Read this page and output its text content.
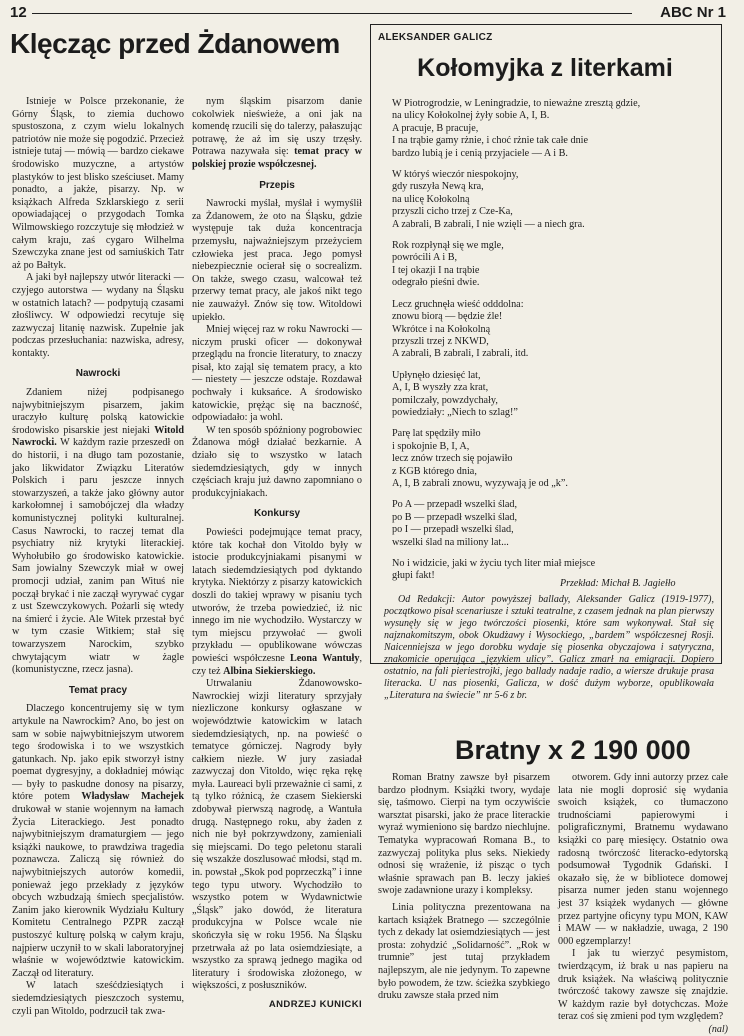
12	ABC Nr 1
Klęcząc przed Żdanowem

Istnieje w Polsce przekonanie, że Górny Śląsk, to ziemia duchowo spustoszona, z czym wielu lokalnych patriotów nie może się pogodzić. Przecież istnieje tutaj — mówią — bardzo ciekawe środowisko muzyczne, a artystów plastyków to jest blisko sześciuset. Mamy ponadto, a jakże, pisarzy. Np. w książkach Alfreda Szklarskiego z serii opowiadającej o przygodach Tomka Wilmowskiego rozczytuje się młodzież w całym kraju, zaś cygaro Wilhelma Szewczyka znane jest od samiuśkich Tatr aż po Bałtyk.

A jaki był najlepszy utwór literacki — czyjego autorstwa — wydany na Śląsku w ostatnich latach? — podpytują czasami złośliwcy. W odpowiedzi recytuje się zazwyczaj litanię nazwisk. Zupełnie jak podczas przesłuchania: nazwiska, adresy, kontakty.

Nawrocki

Zdaniem niżej podpisanego najwybitniejszym pisarzem, jakim uraczyło kulturę polską katowickie środowisko pisarskie jest niejaki Witold Nawrocki. W każdym razie przeszedł on do historii, i na długo tam pozostanie, jako likwidator Związku Literatów Polskich i paru jeszcze innych stowarzyszeń, a także jako główny autor karkołomnej i samobójczej dla władzy komunistycznej polityki kulturalnej. Casus Nawrocki, to raczej temat dla psychiatry niż krytyki literackiej. Wyhołubiło go środowisko katowickie. Sam jowialny Szewczyk miał w owej promocji udział, zanim pan Wituś nie począł brykać i nie zaczął wyrywać cygar z ust Szewczykowych. Pożarli się wtedy na śmierć i życie. Ale Witek przestał być w tym czasie Witkiem; stał się towarzyszem Narockim, szybko chwytającym wiatr w żagle (komunistyczne, rzecz jasna).

Temat pracy

Dlaczego koncentrujemy się w tym artykule na Nawrockim? Ano, bo jest on sam w sobie najwybitniejszym utworem tego środowiska i to we wszystkich gatunkach. Np. jako epik stworzył istny poemat dygresyjny, a dokładniej mówiąc — były to paskudne donosy na pisarzy, które potem Władysław Machejek drukował w stanie wojennym na łamach Życia Literackiego. Jest ponadto najwybitniejszym dramaturgiem — jego książki naukowe, to prawdziwa tragedia poznawcza. Zaliczą się również do najwybitniejszych autorów komedii, ponieważ jego przekłady z języków obcych wzbudzają śmiech specjalistów. Zanim jako kierownik Wydziału Kultury Komitetu Centralnego PZPR zaczął pustoszyć kulturę polską w całym kraju, najpierw uczynił to w skali laboratoryjnej właśnie w województwie katowickim. Zaczął od literatury.

W latach sześćdziesiątych i siedemdziesiątych pieszczoch systemu, czyli pan Witoldo, podrzucił tak zwa-

nym śląskim pisarzom danie cokolwiek nieświeże, a oni jak na komendę rzucili się do talerzy, pałaszując potrawę, że aż im się uszy trzęsły. Potrawa nazywała się: temat pracy w polskiej prozie współczesnej.

Przepis

Nawrocki myślał, myślał i wymyślił za Żdanowem, że oto na Śląsku, gdzie występuje tak duża koncentracja przemysłu, najważniejszym przeżyciem człowieka jest praca. Jego pomysł niebezpiecznie ocierał się o socrealizm. On także, swego czasu, walcował też przerwy temat pracy, ale jakoś nikt tego nie zauważył. Znów się tow. Witoldowi upiekło.

Mniej więcej raz w roku Nawrocki — niczym pruski oficer — dokonywał przeglądu na froncie literatury, to znaczy pisał, kto zająl się tematem pracy, a kto — niestety — jeszcze odstaje. Rozdawał pochwały i kuksańce. A środowisko katowickie, prężąc się na baczność, odpowiadało: ja wohl.

W ten sposób spóźniony pogrobowiec Żdanowa mógł działać bezkarnie. A działo się to wszystko w latach siedemdziesiątych, gdy w innych częściach kraju już dawno zapomniano o produkcyjniakach.

Konkursy

Powieści podejmujące temat pracy, które tak kochał don Vitoldo były w istocie produkcyjniakami pisanymi w latach siedemdziesiątych pod dyktando krytyka. Niektórzy z pisarzy katowickich doszli do takiej wprawy w pisaniu tych utworów, że trzeba powiedzieć, iż nic innego im nie wychodziło. Wystarczy w tym miejscu przywołać — gwoli przykładu — opublikowane wówczas powieści współczesne Leona Wantuły, czy też Albina Siekierskiego.

Utrwalaniu Żdanowowsko-Nawrockiej wizji literatury sprzyjały niezliczone konkursy ogłaszane w województwie katowickim w latach siedemdziesiątych, np. na powieść o tematyce górniczej. Nagrody były całkiem niezłe. W jury zasiadał zazwyczaj don Vitoldo, więc ręka rękę myła. Laureaci byli przeważnie ci sami, z tą tylko różnicą, że czasem Siekierski zdobywał pierwszą nagrodę, a Wantuła drugą. Następnego roku, aby żaden z nich nie był pokrzywdzony, zamieniali się miejscami. Do tego peletonu starali się wszakże doszlusować młodsi, stąd m. in. powstał „Skok pod poprzeczką” i inne tego typu utwory. Wychodziło to wszystko potem w Wydawnictwie „Śląsk” jako dowód, że literatura produkcyjna w Polsce wcale nie skończyła się w roku 1956. Na Śląsku przetrwała aż po lata osiemdziesiąte, a wszystko za sprawą jednego magika od literatury i środowiska złożonego, w większości, z posłuszników.

ANDRZEJ KUNICKI
ALEKSANDER GALICZ
Kołomyjka z literkami
W Piotrogrodzie, w Leningradzie, to nieważne zresztą gdzie,
na ulicy Kołokolnej żyły sobie A, I, B.
A pracuje, B pracuje,
I na trąbie gamy rżnie, i choć rżnie tak całe dnie
bardzo lubią je i cenią przyjaciele — A i B.
W któryś wieczór niespokojny,
gdy ruszyła Newą kra,
na ulicę Kołokolną
przyszli cicho trzej z Cze-Ka,
A zabrali, B zabrali, I nie wzięli — a niech gra.
Rok rozpłynął się we mgle,
powrócili A i B,
I tej okazji I na trąbie
odegrało pieśni dwie.
Lecz gruchnęła wieść odddolna:
znowu biorą — będzie źle!
Wkrótce i na Kołokolną
przyszli trzej z NKWD,
A zabrali, B zabrali, I zabrali, itd.
Upłynęło dziesięć lat,
A, I, B wyszły zza krat,
pomilczały, powzdychały,
powiedziały: „Niech to szlag!”
Parę lat spędziły miło
i spokojnie B, I, A,
lecz znów trzech się pojawiło
z KGB którego dnia,
A, I, B zabrali znowu, wyzywają je od „k”.
Po A — przepadł wszelki ślad,
po B — przepadł wszelki ślad,
po I — przepadł wszelki ślad,
wszelki ślad na miliony lat...
No i widzicie, jaki w życiu tych liter miał miejsce
głupi fakt!
Przekład: Michał B. Jagiełło
Od Redakcji: Autor powyższej ballady, Aleksander Galicz (1919-1977), początkowo pisał scenariusze i sztuki teatralne, z czasem jednak na plan pierwszy wysunęły się w jego twórczości piosenki, które sam wykonywał. Stał się najznakomitszym, obok Okudżawy i Wysockiego, „bardem” współczesnej Rosji. Naicenniejsza w jego dorobku wydaje się piosenka obyczajowa i satyryczna, znakomicie operująca „językiem ulicy”. Galicz zmarł na emigracji. Dopiero ostatnio, na fali pieriestrojki, jego ballady nadaje radio, a wiersze drukuje prasa literacka. U nas piosenki, Galicza, w dość dużym wyborze, opublikowała „Literatura na świecie” nr 5-6 z br.
Bratny x 2 190 000

Roman Bratny zawsze był pisarzem bardzo płodnym. Książki twory, wydaje się, taśmowo. Cierpi na tym oczywiście warsztat pisarski, jako że prace literackie wyraź wymieniono się bardzo niechlujne. Tematyka wypracowań Romana B., to zazwyczaj polityka plus seks. Niekiedy odnosi się wrażenie, iż pisząc o tych właśnie sprawach pan B. leczy jakieś swoje zadawnione urazy i kompleksy.

Linia polityczna prezentowana na kartach książek Bratnego — szczególnie tych z dekady lat osiemdziesiątych — jest prosta: zohydzić „Solidarność”. „Rok w trumnie” jest tutaj przykładem najlepszym, ale nie jedynym. To zapewne było powodem, że tzw. ścieżka szybkiego druku zawsze stała przed nim

otworem. Gdy inni autorzy przez całe lata nie mogli doprosić się wydania swoich książek, co tłumaczono trudnościami papierowymi i poligraficznymi, Bratnemu wydawano książki co parę miesięcy. Ostatnio owa radosną twórczość literacko-edytorską podsumował Tygodnik Gdański. I okazało się, że w bibliotece domowej pisarza numer jeden stanu wojennego jest 37 książek wydanych — główne przez partyjne oficyny typu MON, KAW i MAW — w nakładzie, uwaga, 2 190 000 egzemplarzy!

I jak tu wierzyć pesymistom, twierdzącym, iż brak u nas papieru na druk książek. Na właściwą politycznie twórczość takowy zawsze się znajdzie. W każdym razie był dotychczas. Może teraz coś się zmieni pod tym względem?

(nal)
